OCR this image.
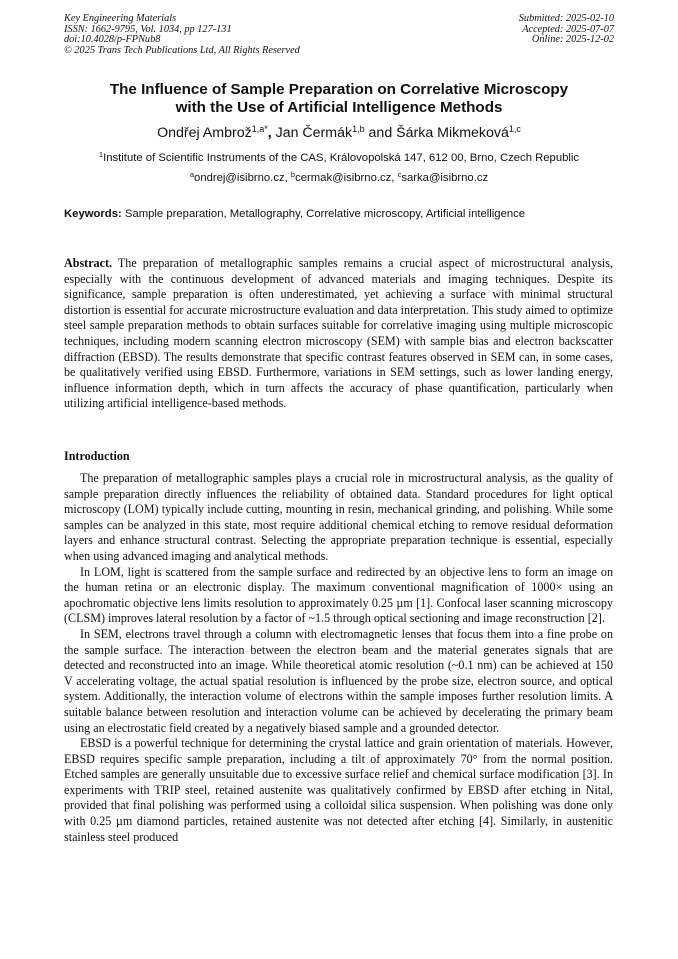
Key Engineering Materials
ISSN: 1662-9795, Vol. 1034, pp 127-131
doi:10.4028/p-FPNub8
© 2025 Trans Tech Publications Ltd, All Rights Reserved
Submitted: 2025-02-10
Accepted: 2025-07-07
Online: 2025-12-02
The Influence of Sample Preparation on Correlative Microscopy
with the Use of Artificial Intelligence Methods
Ondřej Ambrož$^{1,a*}$, Jan Čermák$^{1,b}$ and Šárka Mikmeková$^{1,c}$
$^1$Institute of Scientific Instruments of the CAS, Královopolská 147, 612 00, Brno, Czech Republic
$^a$ondrej@isibrno.cz, $^b$cermak@isibrno.cz, $^c$sarka@isibrno.cz
Keywords: Sample preparation, Metallography, Correlative microscopy, Artificial intelligence

Abstract. The preparation of metallographic samples remains a crucial aspect of microstructural analysis, especially with the continuous development of advanced materials and imaging techniques. Despite its significance, sample preparation is often underestimated, yet achieving a surface with minimal structural distortion is essential for accurate microstructure evaluation and data interpretation. This study aimed to optimize steel sample preparation methods to obtain surfaces suitable for correlative imaging using multiple microscopic techniques, including modern scanning electron microscopy (SEM) with sample bias and electron backscatter diffraction (EBSD). The results demonstrate that specific contrast features observed in SEM can, in some cases, be qualitatively verified using EBSD. Furthermore, variations in SEM settings, such as lower landing energy, influence information depth, which in turn affects the accuracy of phase quantification, particularly when utilizing artificial intelligence-based methods.

Introduction

The preparation of metallographic samples plays a crucial role in microstructural analysis, as the quality of sample preparation directly influences the reliability of obtained data. Standard procedures for light optical microscopy (LOM) typically include cutting, mounting in resin, mechanical grinding, and polishing. While some samples can be analyzed in this state, most require additional chemical etching to remove residual deformation layers and enhance structural contrast. Selecting the appropriate preparation technique is essential, especially when using advanced imaging and analytical methods.

In LOM, light is scattered from the sample surface and redirected by an objective lens to form an image on the human retina or an electronic display. The maximum conventional magnification of 1000× using an apochromatic objective lens limits resolution to approximately 0.25 µm [1]. Confocal laser scanning microscopy (CLSM) improves lateral resolution by a factor of ~1.5 through optical sectioning and image reconstruction [2].

In SEM, electrons travel through a column with electromagnetic lenses that focus them into a fine probe on the sample surface. The interaction between the electron beam and the material generates signals that are detected and reconstructed into an image. While theoretical atomic resolution (~0.1 nm) can be achieved at 150 V accelerating voltage, the actual spatial resolution is influenced by the probe size, electron source, and optical system. Additionally, the interaction volume of electrons within the sample imposes further resolution limits. A suitable balance between resolution and interaction volume can be achieved by decelerating the primary beam using an electrostatic field created by a negatively biased sample and a grounded detector.

EBSD is a powerful technique for determining the crystal lattice and grain orientation of materials. However, EBSD requires specific sample preparation, including a tilt of approximately 70° from the normal position. Etched samples are generally unsuitable due to excessive surface relief and chemical surface modification [3]. In experiments with TRIP steel, retained austenite was qualitatively confirmed by EBSD after etching in Nital, provided that final polishing was performed using a colloidal silica suspension. When polishing was done only with 0.25 µm diamond particles, retained austenite was not detected after etching [4]. Similarly, in austenitic stainless steel produced
